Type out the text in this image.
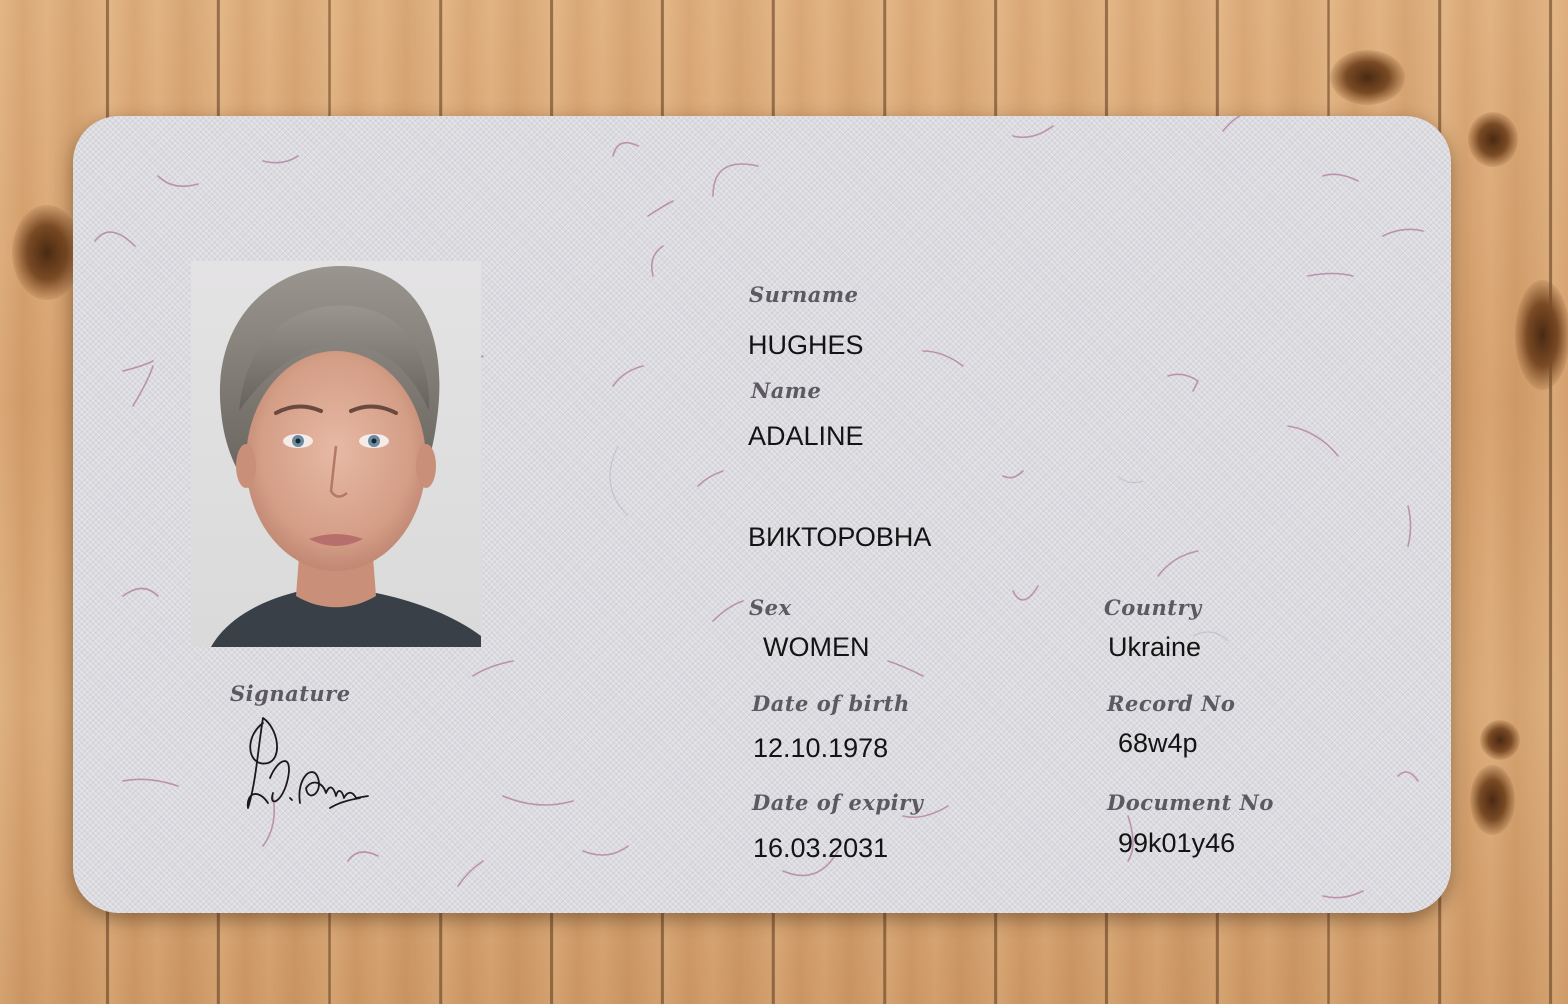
Signature
Surname
HUGHES
Name
ADALINE
ВИКТОРОВНА
Sex
WOMEN
Country
Ukraine
Date of birth
12.10.1978
Record No
68w4p
Date of expiry
16.03.2031
Document No
99k01y46
